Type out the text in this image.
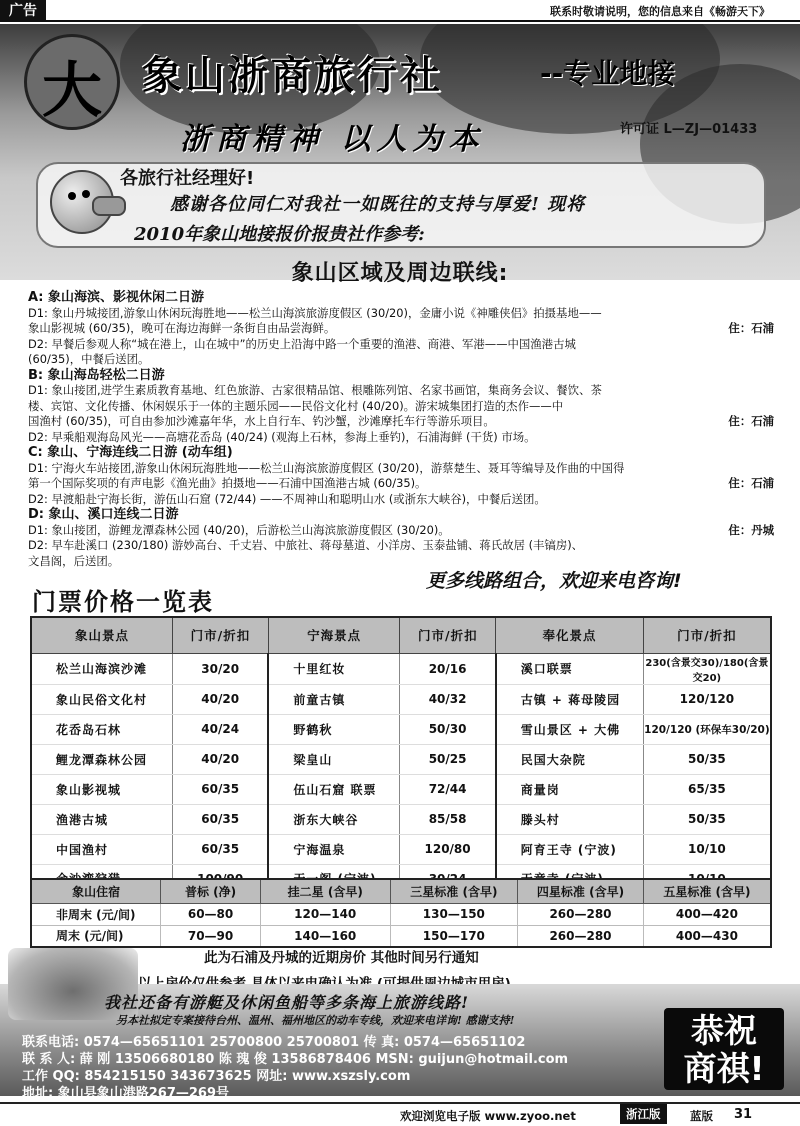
广告	联系时敬请说明，您的信息来自《畅游天下》
大	象山浙商旅行社	--专业地接
浙商精神 以人为本	许可证 L—ZJ—01433
各旅行社经理好!
感谢各位同仁对我社一如既往的支持与厚爱! 现将
2010年象山地接报价报贵社作参考:
象山区域及周边联线:
A: 象山海滨、影视休闲二日游
D1: 象山丹城接团,游象山休闲玩海胜地——松兰山海滨旅游度假区 (30/20)，金庸小说《神雕侠侣》拍摄基地——
象山影视城 (60/35)，晚可在海边海鲜一条街自由品尝海鲜。	住：石浦
D2: 早餐后参观人称“城在港上，山在城中”的历史上沿海中路一个重要的渔港、商港、军港——中国渔港古城
(60/35)，中餐后送团。
B: 象山海岛轻松二日游
D1: 象山接团,进学生素质教育基地、红色旅游、古家很精品馆、根雕陈列馆、名家书画馆，集商务会议、餐饮、茶
楼、宾馆、文化传播、休闲娱乐于一体的主题乐园——民俗文化村 (40/20)。游宋城集团打造的杰作——中
国渔村 (60/35)，可自由参加沙滩嘉年华，水上自行车、钓沙蟹，沙滩摩托车行等游乐项目。	住：石浦
D2: 早乘船观海岛风光——高塘花岙岛 (40/24) (观海上石林，参海上垂钓)，石浦海鲜 (干货) 市场。
C: 象山、宁海连线二日游 (动车组)
D1: 宁海火车站接团,游象山休闲玩海胜地——松兰山海滨旅游度假区 (30/20)，游蔡楚生、聂耳等编导及作曲的中国得
第一个国际奖项的有声电影《渔光曲》拍摄地——石浦中国渔港古城 (60/35)。	住：石浦
D2: 早渡船赴宁海长街，游伍山石窟 (72/44) ——不周神山和聪明山水 (或浙东大峡谷)，中餐后送团。
D: 象山、溪口连线二日游
D1: 象山接团，游鲤龙潭森林公园 (40/20)，后游松兰山海滨旅游度假区 (30/20)。	住：丹城
D2: 早车赴溪口 (230/180) 游妙高台、千丈岩、中旅社、蒋母墓道、小洋房、玉泰盐铺、蒋氏故居 (丰镐房)、
文昌阁，后送团。
更多线路组合，欢迎来电咨询!
门票价格一览表
象山景点	门市/折扣	宁海景点	门市/折扣	奉化景点	门市/折扣
松兰山海滨沙滩	30/20	十里红妆	20/16	溪口联票	230(含景交30)/180(含景交20)
象山民俗文化村	40/20	前童古镇	40/32	古镇 + 蒋母陵园	120/120
花岙岛石林	40/24	野鹤秋	50/30	雪山景区 + 大佛	120/120 (环保车30/20)
鲤龙潭森林公园	40/20	梁皇山	50/25	民国大杂院	50/35
象山影视城	60/35	伍山石窟 联票	72/44	商量岗	65/35
渔港古城	60/35	浙东大峡谷	85/58	滕头村	50/35
中国渔村	60/35	宁海温泉	120/80	阿育王寺 (宁波)	10/10

象山住宿	普标 (净)	挂二星 (含早)	三星标准 (含早)	四星标准 (含早)	五星标准 (含早)
非周末 (元/间)	60—80	120—140	130—150	260—280	400—420
周末 (元/间)	70—90	140—160	150—170	260—280	400—430
此为石浦及丹城的近期房价 其他时间另行通知
我社还备有游艇及休闲鱼船等多条海上旅游线路!
另本社拟定专案接待台州、温州、福州地区的动车专线，欢迎来电详询! 感谢支持!
联系电话: 0574—65651101 25700800 25700801 传 真: 0574—65651102
联 系 人: 薛 刚 13506680180 陈 瑰 俊 13586878406 MSN: guijun@hotmail.com
工作 QQ: 854215150 343673625 网址: www.xszsly.com
地址: 象山县象山港路267—269号
恭祝
商祺!
欢迎浏览电子版 www.zyoo.net	浙江版	蓝版 31
